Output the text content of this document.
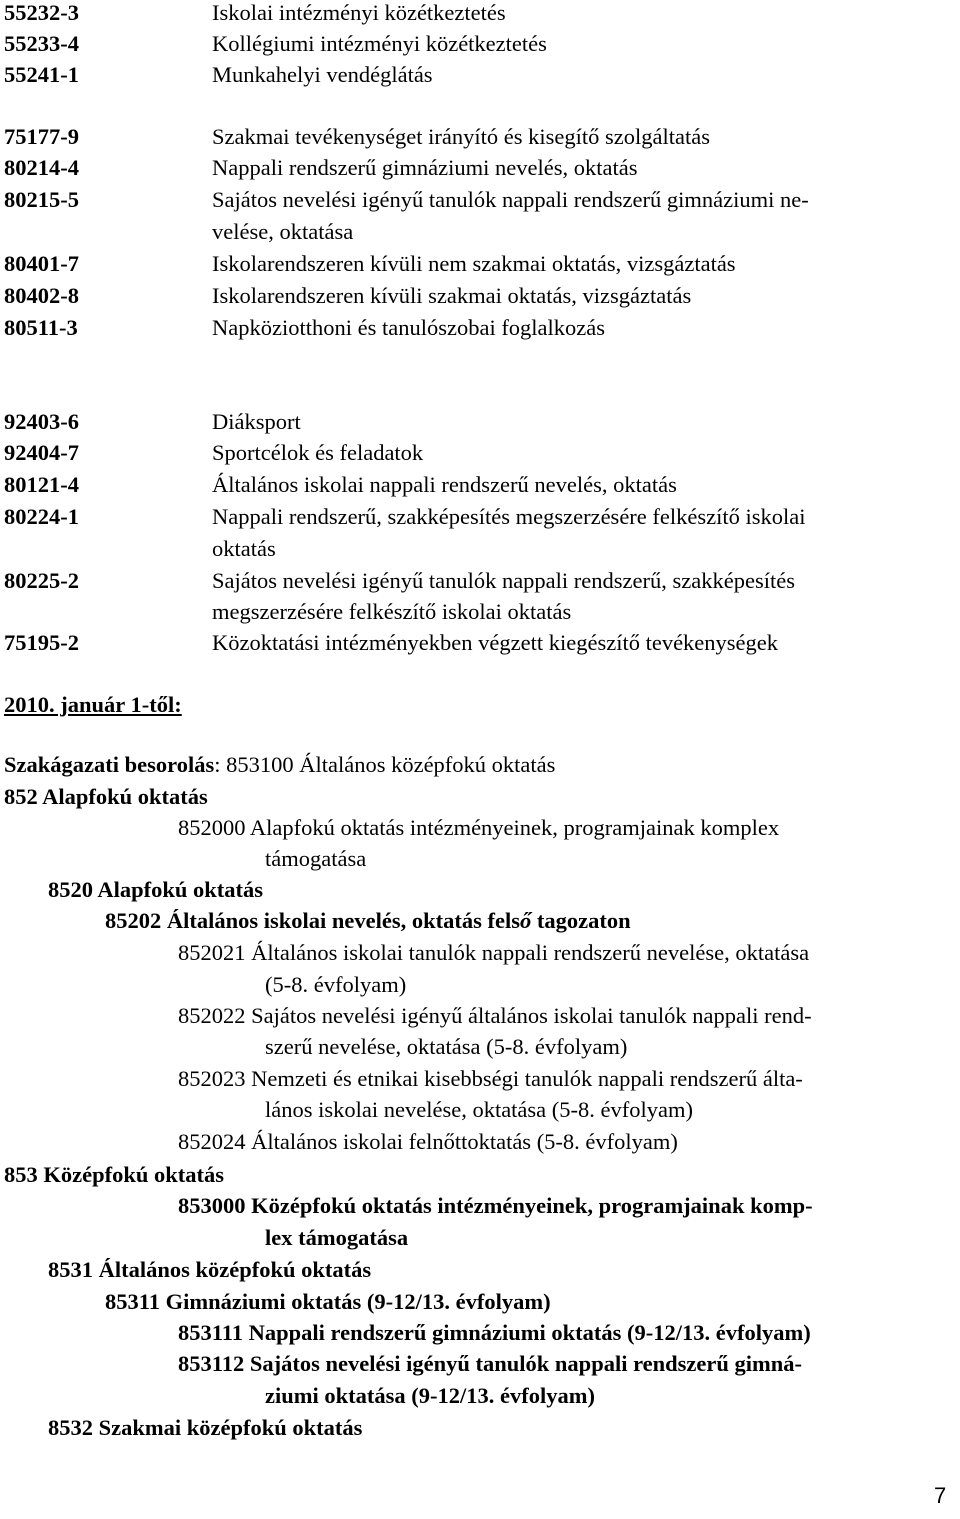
55232-3	Iskolai intézményi közétkeztetés
55233-4	Kollégiumi intézményi közétkeztetés
55241-1	Munkahelyi vendéglátás
75177-9	Szakmai tevékenységet irányító és kisegítő szolgáltatás
80214-4	Nappali rendszerű gimnáziumi nevelés, oktatás
80215-5	Sajátos nevelési igényű tanulók nappali rendszerű gimnáziumi ne-
velése, oktatása
80401-7	Iskolarendszeren kívüli nem szakmai oktatás, vizsgáztatás
80402-8	Iskolarendszeren kívüli szakmai oktatás, vizsgáztatás
80511-3	Napköziotthoni és tanulószobai foglalkozás
92403-6	Diáksport
92404-7	Sportcélok és feladatok
80121-4	Általános iskolai nappali rendszerű nevelés, oktatás
80224-1	Nappali rendszerű, szakképesítés megszerzésére felkészítő iskolai
oktatás
80225-2	Sajátos nevelési igényű tanulók nappali rendszerű, szakképesítés
megszerzésére felkészítő iskolai oktatás
75195-2	Közoktatási intézményekben végzett kiegészítő tevékenységek
2010. január 1-től:
Szakágazati besorolás: 853100 Általános középfokú oktatás
852 Alapfokú oktatás
852000 Alapfokú oktatás intézményeinek, programjainak komplex
támogatása
8520 Alapfokú oktatás
85202 Általános iskolai nevelés, oktatás felső tagozaton
852021 Általános iskolai tanulók nappali rendszerű nevelése, oktatása
(5-8. évfolyam)
852022 Sajátos nevelési igényű általános iskolai tanulók nappali rend-
szerű nevelése, oktatása (5-8. évfolyam)
852023 Nemzeti és etnikai kisebbségi tanulók nappali rendszerű álta-
lános iskolai nevelése, oktatása (5-8. évfolyam)
852024 Általános iskolai felnőttoktatás (5-8. évfolyam)
853 Középfokú oktatás
853000 Középfokú oktatás intézményeinek, programjainak komp-
lex támogatása
8531 Általános középfokú oktatás
85311 Gimnáziumi oktatás (9-12/13. évfolyam)
853111 Nappali rendszerű gimnáziumi oktatás (9-12/13. évfolyam)
853112 Sajátos nevelési igényű tanulók nappali rendszerű gimná-
ziumi oktatása (9-12/13. évfolyam)
8532 Szakmai középfokú oktatás
7
